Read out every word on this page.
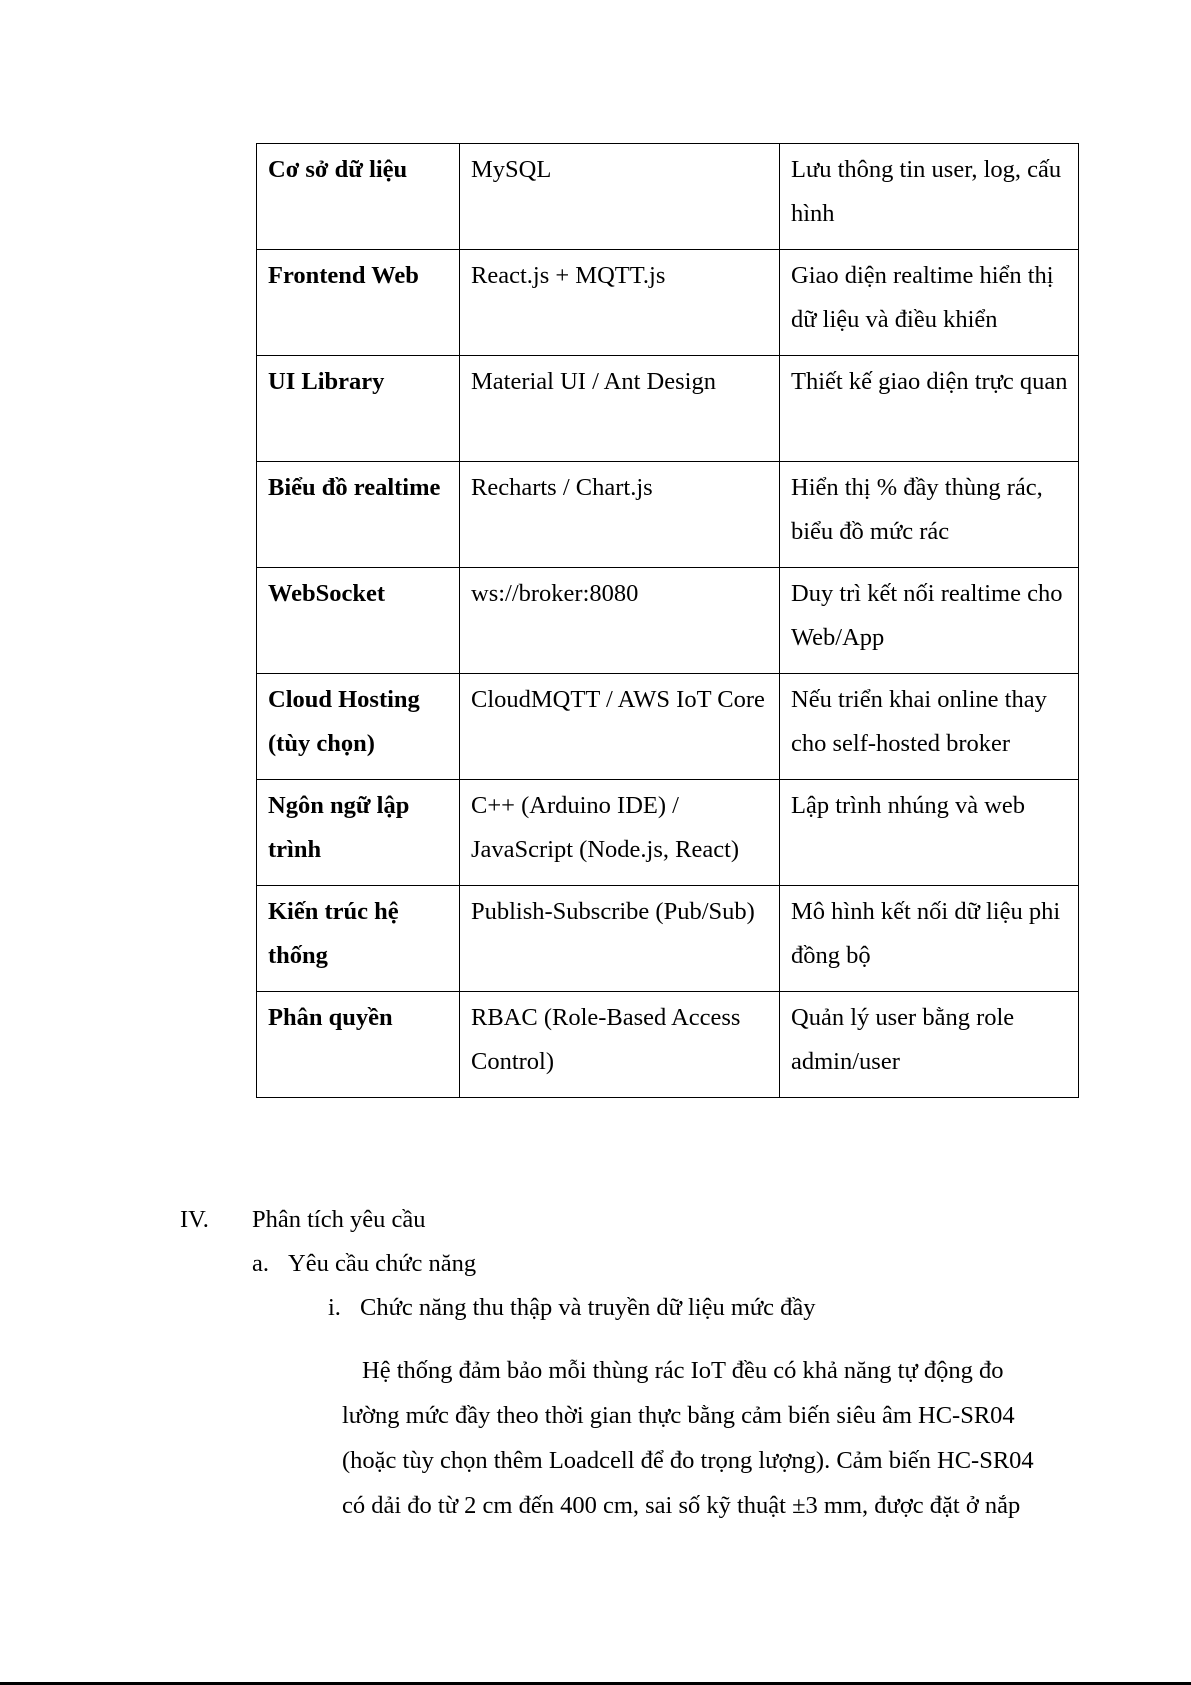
Cơ sở dữ liệu	MySQL	Lưu thông tin user, log, cấu hình
Frontend Web	React.js + MQTT.js	Giao diện realtime hiển thị dữ liệu và điều khiển
UI Library	Material UI / Ant Design	Thiết kế giao diện trực quan
Biểu đồ realtime	Recharts / Chart.js	Hiển thị % đầy thùng rác, biểu đồ mức rác
WebSocket	ws://broker:8080	Duy trì kết nối realtime cho Web/App
Cloud Hosting (tùy chọn)	CloudMQTT / AWS IoT Core	Nếu triển khai online thay cho self-hosted broker
Ngôn ngữ lập trình	C++ (Arduino IDE) / JavaScript (Node.js, React)	Lập trình nhúng và web
Kiến trúc hệ thống	Publish-Subscribe (Pub/Sub)	Mô hình kết nối dữ liệu phi đồng bộ
Phân quyền	RBAC (Role-Based Access Control)	Quản lý user bằng role admin/user
IV. Phân tích yêu cầu
a. Yêu cầu chức năng
i. Chức năng thu thập và truyền dữ liệu mức đầy
Hệ thống đảm bảo mỗi thùng rác IoT đều có khả năng tự động đo
lường mức đầy theo thời gian thực bằng cảm biến siêu âm HC-SR04
(hoặc tùy chọn thêm Loadcell để đo trọng lượng). Cảm biến HC-SR04
có dải đo từ 2 cm đến 400 cm, sai số kỹ thuật ±3 mm, được đặt ở nắp
